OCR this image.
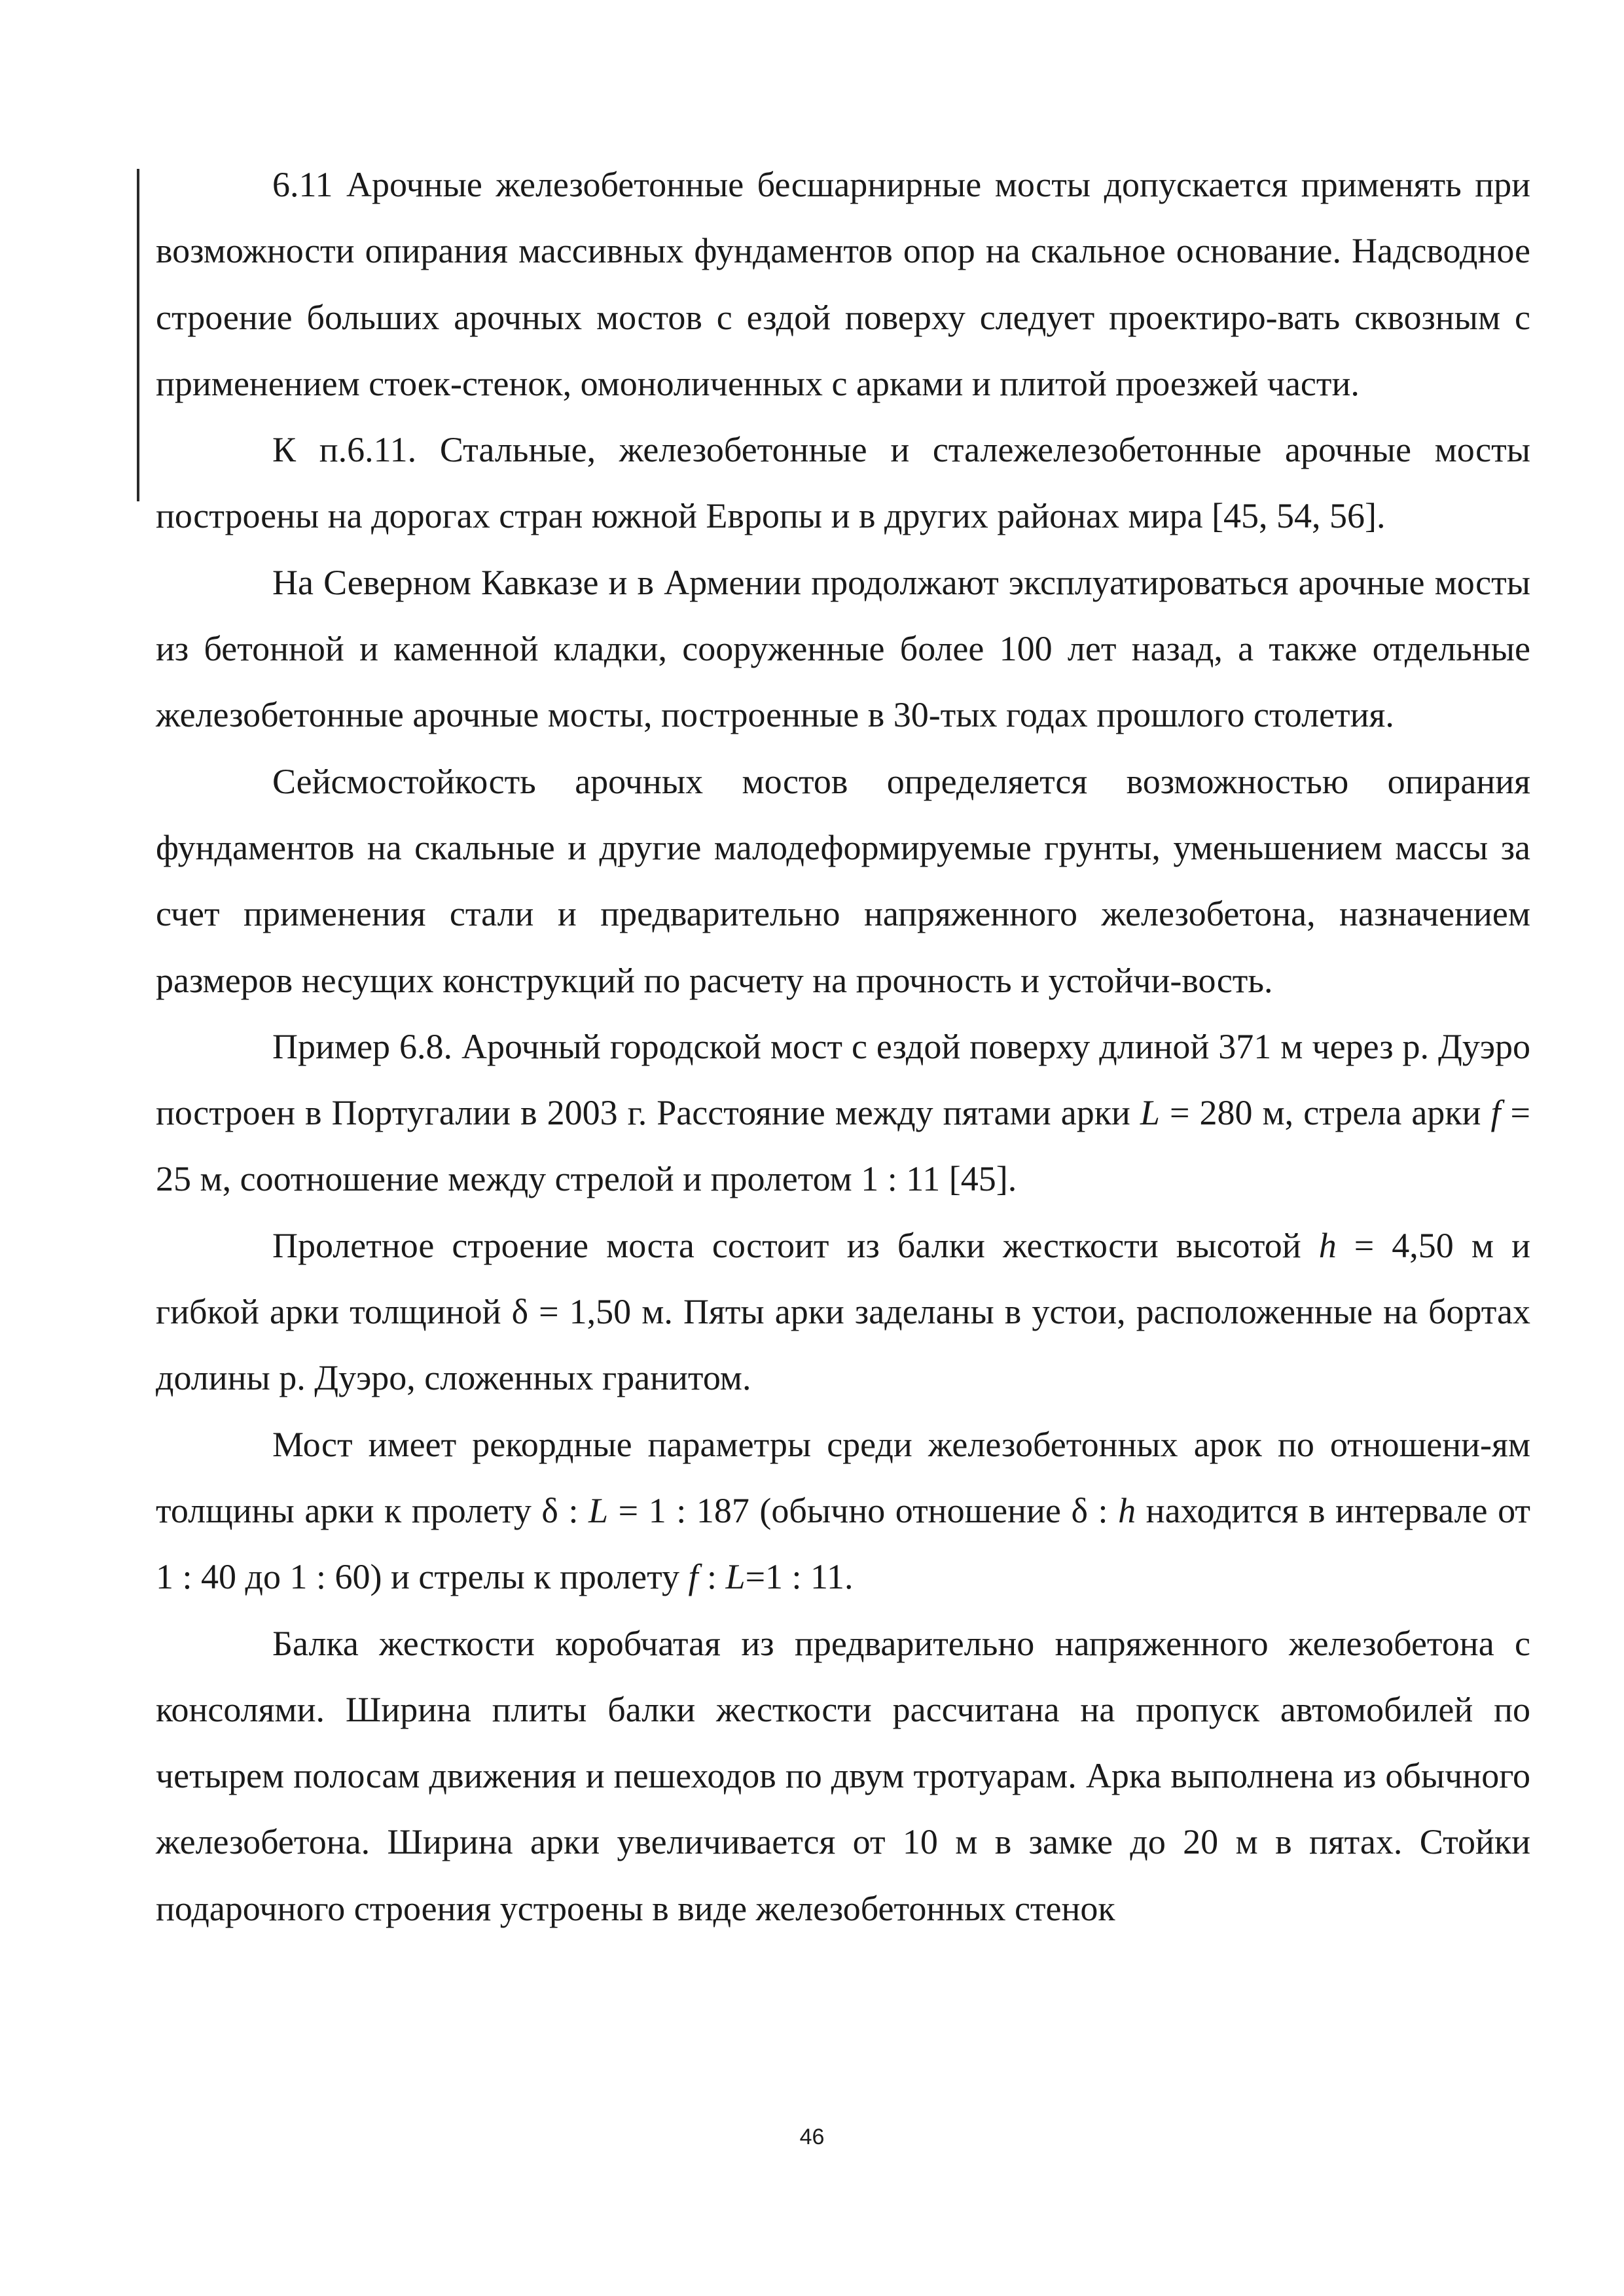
6.11 Арочные железобетонные бесшарнирные мосты допускается применять при возможности опирания массивных фундаментов опор на скальное основание. Надсводное строение больших арочных мостов с ездой поверху следует проектиро-вать сквозным с применением стоек-стенок, омоноличенных с арками и плитой проезжей части.

К п.6.11. Стальные, железобетонные и сталежелезобетонные арочные мосты построены на дорогах стран южной Европы и в других районах мира [45, 54, 56].

На Северном Кавказе и в Армении продолжают эксплуатироваться арочные мосты из бетонной и каменной кладки, сооруженные более 100 лет назад, а также отдельные железобетонные арочные мосты, построенные в 30-тых годах прошлого столетия.

Сейсмостойкость арочных мостов определяется возможностью опирания фундаментов на скальные и другие малодеформируемые грунты, уменьшением массы за счет применения стали и предварительно напряженного железобетона, назначением размеров несущих конструкций по расчету на прочность и устойчи-вость.

Пример 6.8. Арочный городской мост с ездой поверху длиной 371 м через р. Дуэро построен в Португалии в 2003 г. Расстояние между пятами арки L = 280 м, стрела арки f = 25 м, соотношение между стрелой и пролетом 1 : 11 [45].

Пролетное строение моста состоит из балки жесткости высотой h = 4,50 м и гибкой арки толщиной δ = 1,50 м. Пяты арки заделаны в устои, расположенные на бортах долины р. Дуэро, сложенных гранитом.

Мост имеет рекордные параметры среди железобетонных арок по отношени-ям толщины арки к пролету δ : L = 1 : 187 (обычно отношение δ : h находится в интервале от 1 : 40 до 1 : 60) и стрелы к пролету f : L=1 : 11.

Балка жесткости коробчатая из предварительно напряженного железобетона с консолями. Ширина плиты балки жесткости рассчитана на пропуск автомобилей по четырем полосам движения и пешеходов по двум тротуарам. Арка выполнена из обычного железобетона. Ширина арки увеличивается от 10 м в замке до 20 м в пятах. Стойки подарочного строения устроены в виде железобетонных стенок

46
